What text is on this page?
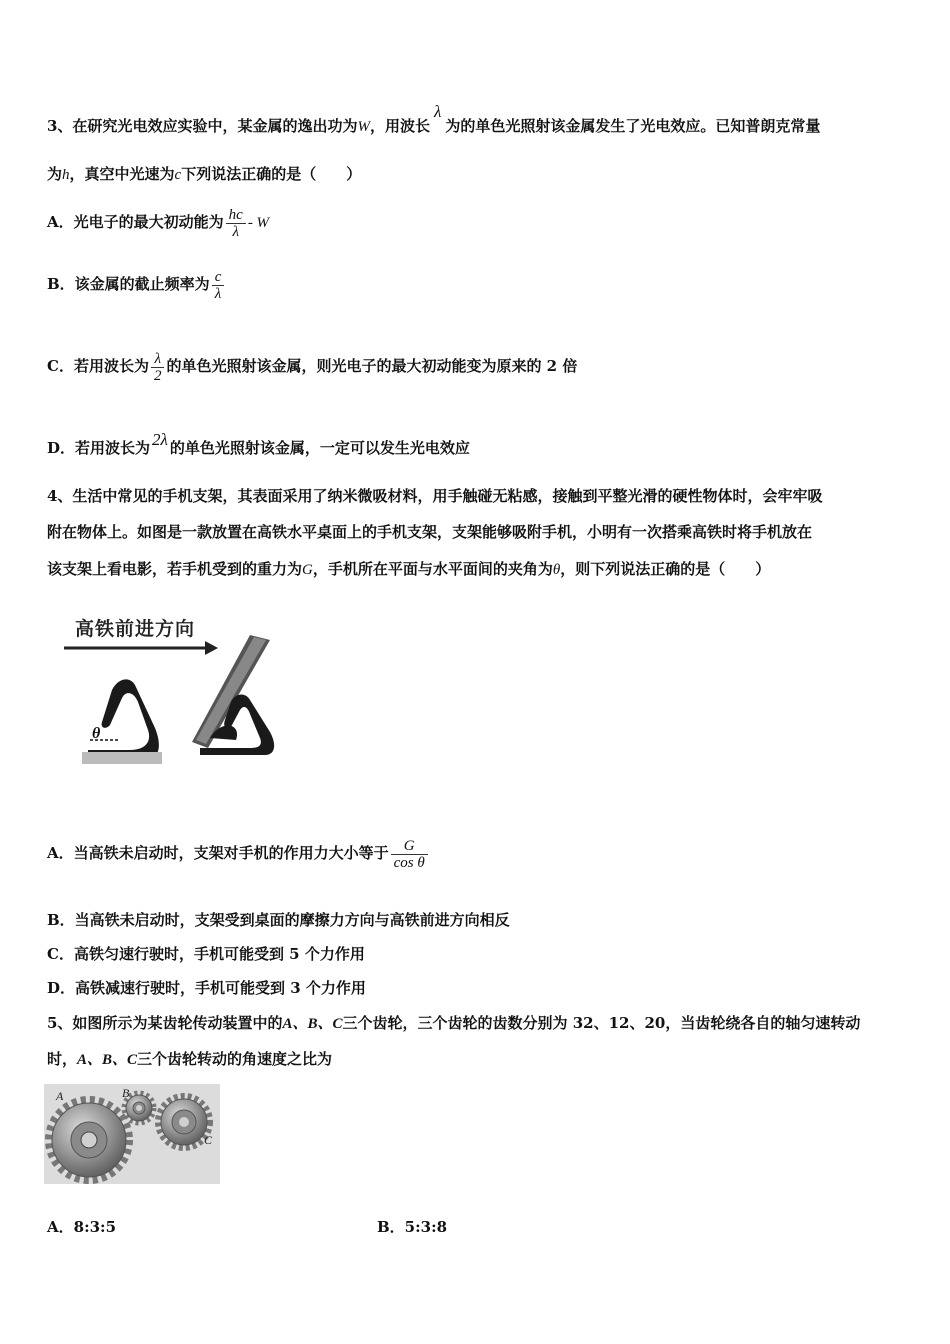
3、在研究光电效应实验中，某金属的逸出功为W，用波长λ为的单色光照射该金属发生了光电效应。已知普朗克常量
为h，真空中光速为c下列说法正确的是（　　）
A．光电子的最大初动能为 $\frac{hc}{\lambda}$ - W
B．该金属的截止频率为 $\frac{c}{\lambda}$
C．若用波长为 $\frac{\lambda}{2}$ 的单色光照射该金属，则光电子的最大初动能变为原来的 2 倍
D．若用波长为 2λ 的单色光照射该金属，一定可以发生光电效应
4、生活中常见的手机支架，其表面采用了纳米微吸材料，用手触碰无粘感，接触到平整光滑的硬性物体时，会牢牢吸
附在物体上。如图是一款放置在高铁水平桌面上的手机支架，支架能够吸附手机，小明有一次搭乘高铁时将手机放在
该支架上看电影，若手机受到的重力为G，手机所在平面与水平面间的夹角为θ，则下列说法正确的是（　　）
高铁前进方向
θ
A．当高铁未启动时，支架对手机的作用力大小等于 $\frac{G}{\text{cos θ}}$
B．当高铁未启动时，支架受到桌面的摩擦力方向与高铁前进方向相反
C．高铁匀速行驶时，手机可能受到 5 个力作用
D．高铁减速行驶时，手机可能受到 3 个力作用
5、如图所示为某齿轮传动装置中的A、B、C三个齿轮，三个齿轮的齿数分别为 32、12、20，当齿轮绕各自的轴匀速转动
时，A、B、C三个齿轮转动的角速度之比为
A	B
C
A．8:3:5	B．5:3:8
